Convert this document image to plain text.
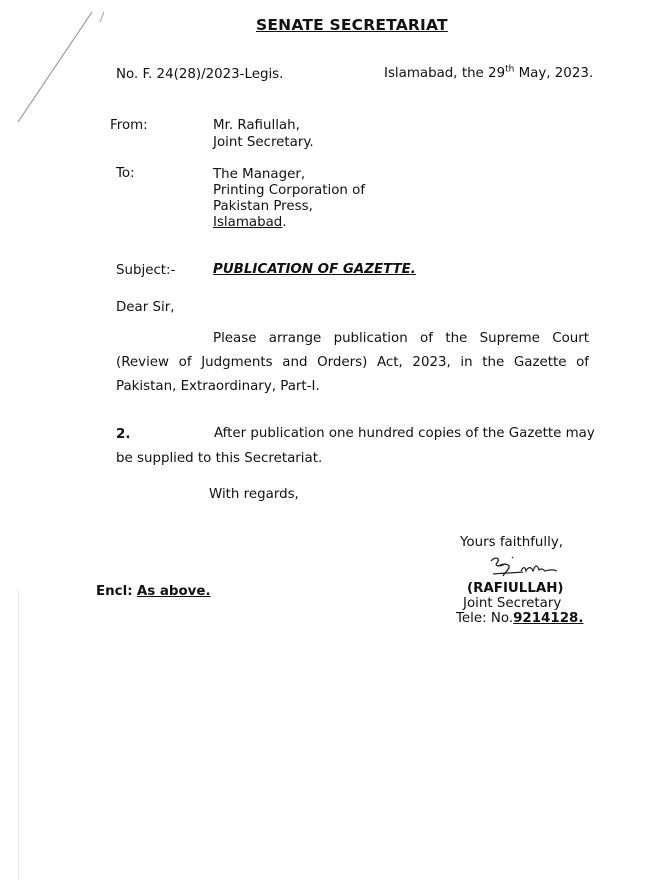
SENATE SECRETARIAT
No. F. 24(28)/2023-Legis.	Islamabad, the 29th May, 2023.
From:	Mr. Rafiullah,
Joint Secretary.
To:	The Manager,
Printing Corporation of
Pakistan Press,
Islamabad.
Subject:-	PUBLICATION OF GAZETTE.
Dear Sir,
Please arrange publication of the Supreme Court
(Review of Judgments and Orders) Act, 2023, in the Gazette of
Pakistan, Extraordinary, Part-I.
2.	After publication one hundred copies of the Gazette may
be supplied to this Secretariat.
With regards,
Yours faithfully,
(RAFIULLAH)
Joint Secretary
Tele: No.9214128.
Encl: As above.
